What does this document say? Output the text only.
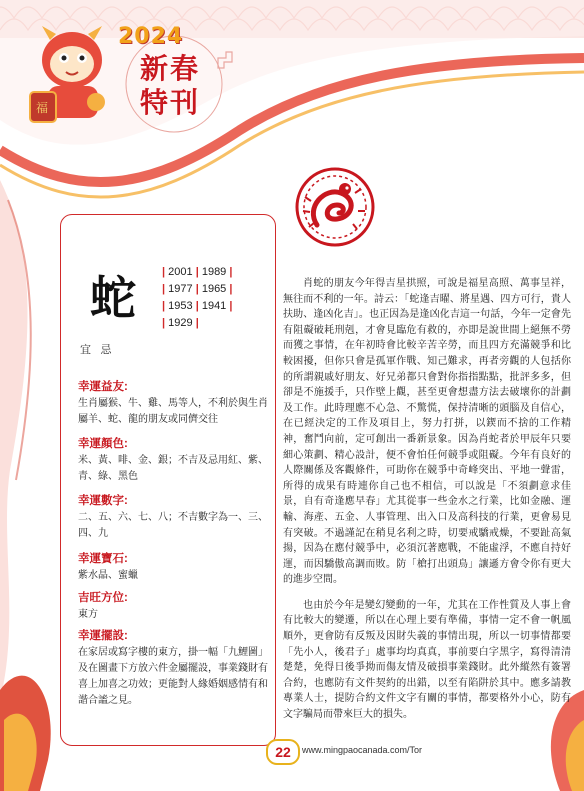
福
2024
新春特刊
蛇 | 2001 | 1989 |
| 1977 | 1965 |
| 1953 | 1941 |
| 1929 |
宜 忌
幸運益友:
生肖屬猴、牛、雞、馬等人，不利於與生肖屬羊、蛇、龍的朋友或同儕交往
幸運顏色:
米、黃、啡、金、銀；不吉及忌用紅、紫、青、綠、黑色
幸運數字:
二、五、六、七、八；不吉數字為一、三、四、九
幸運寶石:
紫水晶、蜜蠟
吉旺方位:
東方
幸運擺設:
在家居或寫字樓的東方，掛一幅「九鯉圖」及在圖畫下方放六件金屬擺設，事業錢財有喜上加喜之功效；更能對人緣婚姻感情有和諧合謐之見。

肖蛇的朋友今年得吉星拱照，可說是福星高照、萬事呈祥，無往而不利的一年。詩云：「蛇逢吉曜、將星遇、四方可行，貴人扶助、逢凶化吉」。也正因為是逢凶化吉這一句話，今年一定會先有阻礙破耗刑剋，才會見臨危有救的，亦即是說世間上絕無不勞而獲之事情，在年初時會比較辛苦辛勞，而且四方充滿競爭和比較困擾，但你只會是孤軍作戰、知己難求，再者旁觀的人包括你的所謂親戚好朋友、好兄弟都只會對你指指點點，批評多多，但卻是不施援手，只作壁上觀，甚至更會想盡方法去破壞你的計劃及工作。此時理應不心急、不驚慌，保持清晰的頭腦及自信心，在已經決定的工作及項目上，努力打拼，以鍥而不捨的工作精神，奮鬥向前，定可創出一番新景象。因為肖蛇者於甲辰年只要細心策劃、精心設計，便不會怕任何競爭或阻礙。今年有良好的人際關係及客觀條件，可助你在競爭中奇峰突出、平地一聲雷，所得的成果有時連你自己也不相信，可以說是「不須劃意求佳景，自有奇逢應早春」尤其從事一些金水之行業，比如金融、運輸、海產、五金、人事管理、出入口及高科技的行業，更會易見有突破。不過謹記在稍見名利之時，切要戒驕戒燥，不要趾高氣揚，因為在應付競爭中，必須沉著應戰，不能虛浮，不應自持好運，而因驕傲高調而敗。防「槍打出頭鳥」讓遜方會令你有更大的進步空間。

也由於今年是變幻變動的一年，尤其在工作性質及人事上會有比較大的變遷，所以在心理上要有準備，事情一定不會一帆風順外，更會防有反叛及因財失義的事情出現，所以一切事情都要「先小人，後君子」處事均均真真，事前要白字黑字，寫得清清楚楚，免得日後爭拗而傷友情及破損事業錢財。此外縱然有簽署合約，也應防有文件契約的出錯，以至有陷阱於其中。應多請教專業人士，提防合約文件文字有關的事情，都要格外小心，防有文字騙局而帶來巨大的損失。

22	www.mingpaocanada.com/Tor
